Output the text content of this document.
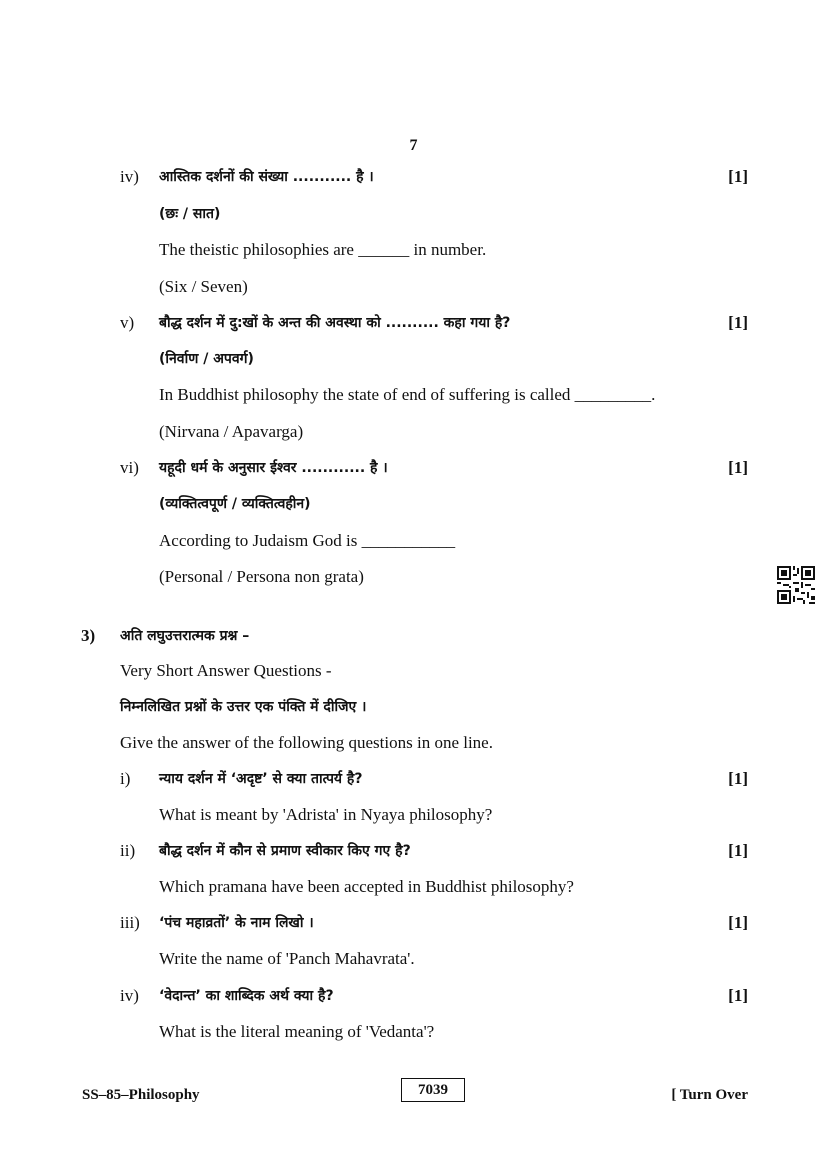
7
iv) आस्तिक दर्शनों की संख्या ........... है ।	[1]
(छः / सात)
The theistic philosophies are ______ in number.
(Six / Seven)
v) बौद्ध दर्शन में दु:खों के अन्त की अवस्था को .......... कहा गया है?	[1]
(निर्वाण / अपवर्ग)
In Buddhist philosophy the state of end of suffering is called _________.
(Nirvana / Apavarga)
vi) यहूदी धर्म के अनुसार ईश्वर ............ है ।	[1]
(व्यक्तित्वपूर्ण / व्यक्तित्वहीन)
According to Judaism God is ___________
(Personal / Persona non grata)
3) अति लघुउत्तरात्मक प्रश्न –
Very Short Answer Questions -
निम्नलिखित प्रश्नों के उत्तर एक पंक्ति में दीजिए ।
Give the answer of the following questions in one line.
i) न्याय दर्शन में ‘अदृष्ट’ से क्या तात्पर्य है?	[1]
What is meant by 'Adrista' in Nyaya philosophy?
ii) बौद्ध दर्शन में कौन से प्रमाण स्वीकार किए गए है?	[1]
Which pramana have been accepted in Buddhist philosophy?
iii) ‘पंच महाव्रतों’ के नाम लिखो ।	[1]
Write the name of 'Panch Mahavrata'.
iv) ‘वेदान्त’ का शाब्दिक अर्थ क्या है?	[1]
What is the literal meaning of 'Vedanta'?
SS–85–Philosophy	7039	[ Turn Over
